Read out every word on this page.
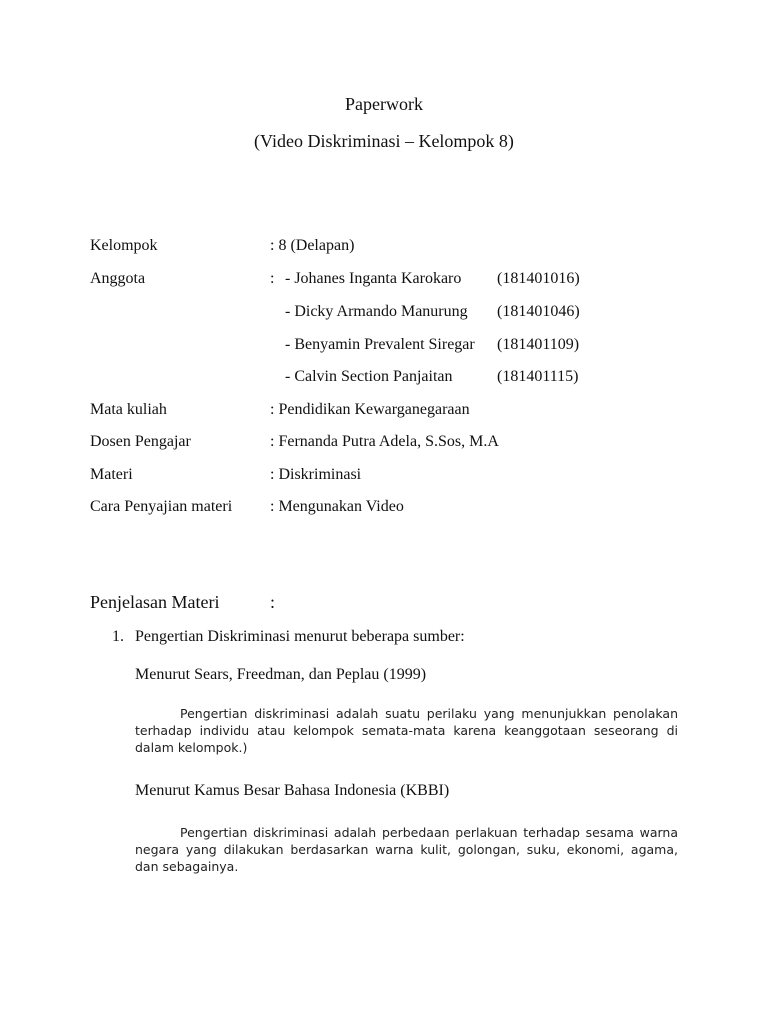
Paperwork
(Video Diskriminasi – Kelompok 8)
Kelompok	: 8 (Delapan)
Anggota	: - Johanes Inganta Karokaro (181401016)
- Dicky Armando Manurung (181401046)
- Benyamin Prevalent Siregar (181401109)
- Calvin Section Panjaitan	(181401115)
Mata kuliah	: Pendidikan Kewarganegaraan
Dosen Pengajar	: Fernanda Putra Adela, S.Sos, M.A
Materi	: Diskriminasi
Cara Penyajian materi : Mengunakan Video
Penjelasan Materi	:
1. Pengertian Diskriminasi menurut beberapa sumber:
Menurut Sears, Freedman, dan Peplau (1999)
Pengertian diskriminasi adalah suatu perilaku yang menunjukkan penolakan terhadap individu atau kelompok semata-mata karena keanggotaan seseorang di dalam kelompok.)
Menurut Kamus Besar Bahasa Indonesia (KBBI)
Pengertian diskriminasi adalah perbedaan perlakuan terhadap sesama warna negara yang dilakukan berdasarkan warna kulit, golongan, suku, ekonomi, agama, dan sebagainya.
